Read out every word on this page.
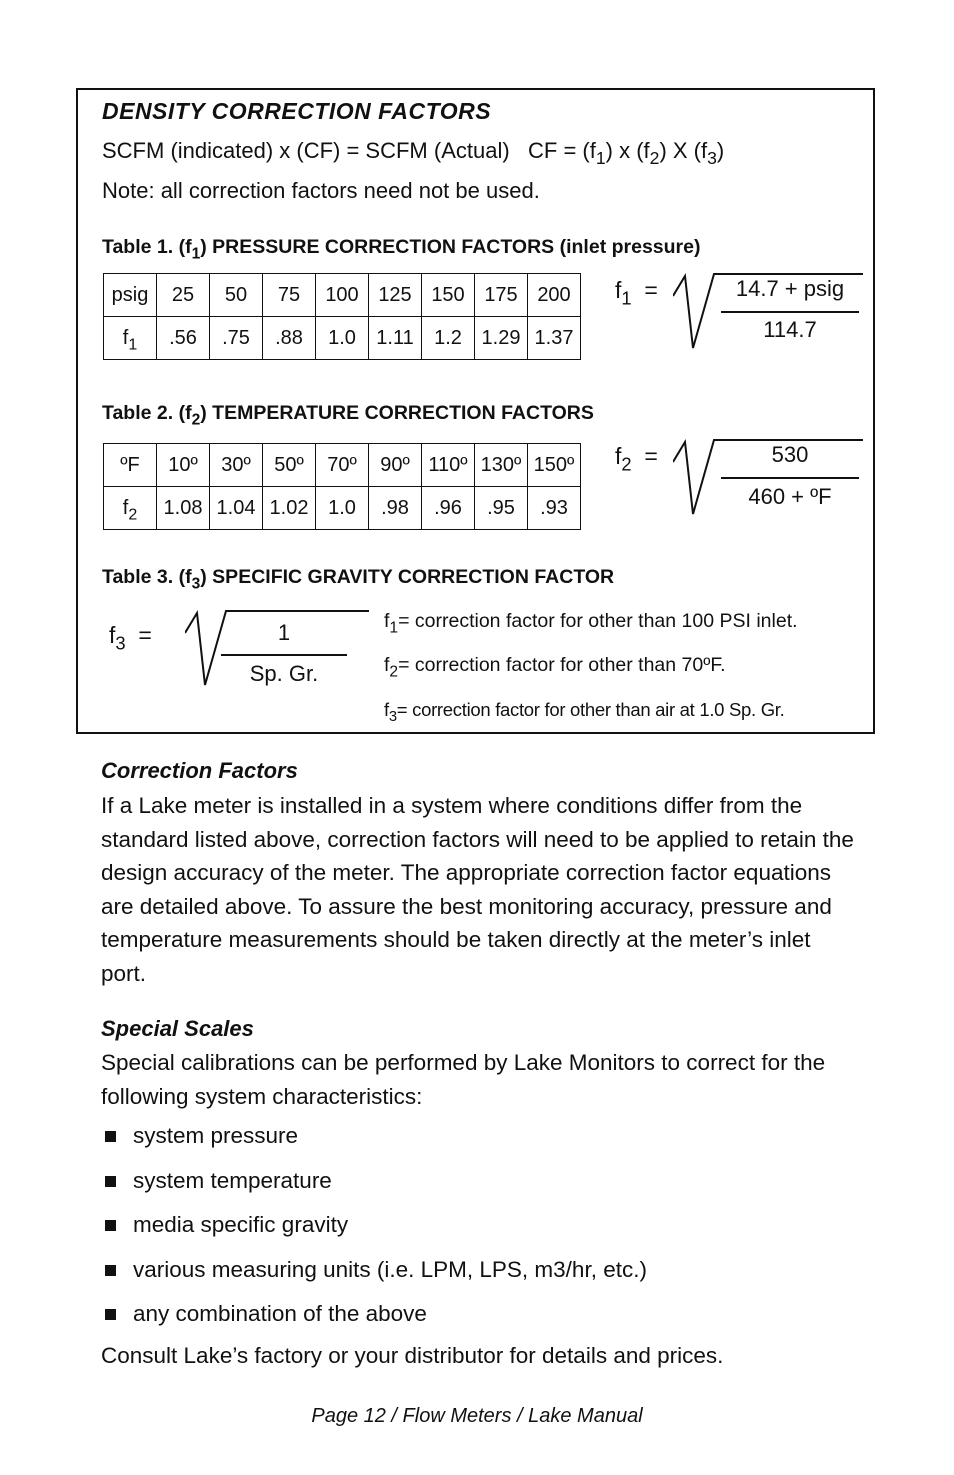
DENSITY CORRECTION FACTORS
SCFM (indicated) x (CF) = SCFM (Actual) CF = $(f_1)$ x $(f_2)$ X $(f_3)$
Note: all correction factors need not be used.
Table 1. $(f_1)$ PRESSURE CORRECTION FACTORS (inlet pressure)
psig	25	50	75	100	125	150	175	200
$f_1$	.56	.75	.88	1.0	1.11	1.2	1.29	1.37
$f_1$ =	14.7 + psig
114.7
Table 2. $(f_2)$ TEMPERATURE CORRECTION FACTORS
ºF	10º	30º	50º	70º	90º	110º	130º	150º
$f_2$	1.08	1.04	1.02	1.0	.98	.96	.95	.93
$f_2$ =	530
460 + ºF
Table 3. $(f_3)$ SPECIFIC GRAVITY CORRECTION FACTOR
$f_3$ =	1
Sp. Gr.
$f_1=$ correction factor for other than 100 PSI inlet.
$f_2=$ correction factor for other than 70ºF.
$f_3=$ correction factor for other than air at 1.0 Sp. Gr.
Correction Factors

If a Lake meter is installed in a system where conditions differ from the standard listed above, correction factors will need to be applied to retain the design accuracy of the meter. The appropriate correction factor equations are detailed above. To assure the best monitoring accuracy, pressure and temperature measurements should be taken directly at the meter’s inlet port.

Special Scales

Special calibrations can be performed by Lake Monitors to correct for the following system characteristics:

system pressure
system temperature
media specific gravity
various measuring units (i.e. LPM, LPS, m3/hr, etc.)
any combination of the above
Consult Lake’s factory or your distributor for details and prices.
Page 12 / Flow Meters / Lake Manual
